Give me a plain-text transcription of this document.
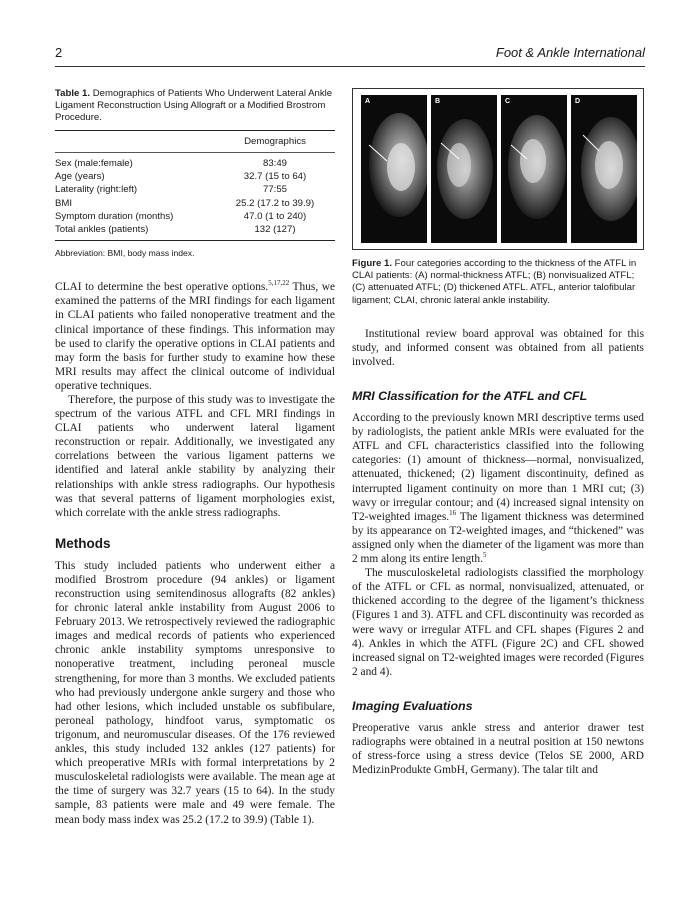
2	Foot & Ankle International

Table 1. Demographics of Patients Who Underwent Lateral Ankle Ligament Reconstruction Using Allograft or a Modified Brostrom Procedure.

Demographics
Sex (male:female)	83:49
Age (years)	32.7 (15 to 64)
Laterality (right:left)	77:55
BMI	25.2 (17.2 to 39.9)
Symptom duration (months)	47.0 (1 to 240)
Total ankles (patients)	132 (127)
Abbreviation: BMI, body mass index.

CLAI to determine the best operative options.$^{5,17,22}$ Thus, we examined the patterns of the MRI findings for each ligament in CLAI patients who failed nonoperative treatment and the clinical importance of these findings. This information may be used to clarify the operative options in CLAI patients and may form the basis for further study to examine how these MRI results may affect the clinical outcome of individual operative techniques.

Therefore, the purpose of this study was to investigate the spectrum of the various ATFL and CFL MRI findings in CLAI patients who underwent lateral ligament reconstruction or repair. Additionally, we investigated any correlations between the various ligament patterns we identified and lateral ankle stability by analyzing their relationships with ankle stress radiographs. Our hypothesis was that several patterns of ligament morphologies exist, which correlate with the ankle stress radiographs.

Methods

This study included patients who underwent either a modified Brostrom procedure (94 ankles) or ligament reconstruction using semitendinosus allografts (82 ankles) for chronic lateral ankle instability from August 2006 to February 2013. We retrospectively reviewed the radiographic images and medical records of patients who experienced chronic ankle instability symptoms unresponsive to nonoperative treatment, including peroneal muscle strengthening, for more than 3 months. We excluded patients who had previously undergone ankle surgery and those who had other lesions, which included unstable os subfibulare, peroneal pathology, hindfoot varus, symptomatic os trigonum, and neuromuscular diseases. Of the 176 reviewed ankles, this study included 132 ankles (127 patients) for which preoperative MRIs with formal interpretations by 2 musculoskeletal radiologists were available. The mean age at the time of surgery was 32.7 years (15 to 64). In the study sample, 83 patients were male and 49 were female. The mean body mass index was 25.2 (17.2 to 39.9) (Table 1).

A	B	C	D

Figure 1. Four categories according to the thickness of the ATFL in CLAI patients: (A) normal-thickness ATFL; (B) nonvisualized ATFL; (C) attenuated ATFL; (D) thickened ATFL. ATFL, anterior talofibular ligament; CLAI, chronic lateral ankle instability.

Institutional review board approval was obtained for this study, and informed consent was obtained from all patients involved.

MRI Classification for the ATFL and CFL

According to the previously known MRI descriptive terms used by radiologists, the patient ankle MRIs were evaluated for the ATFL and CFL characteristics classified into the following categories: (1) amount of thickness—normal, nonvisualized, attenuated, thickened; (2) ligament discontinuity, defined as interrupted ligament continuity on more than 1 MRI cut; (3) wavy or irregular contour; and (4) increased signal intensity on T2-weighted images.$^{16}$ The ligament thickness was determined by its appearance on T2-weighted images, and “thickened” was assigned only when the diameter of the ligament was more than 2 mm along its entire length.$^5$

The musculoskeletal radiologists classified the morphology of the ATFL or CFL as normal, nonvisualized, attenuated, or thickened according to the degree of the ligament’s thickness (Figures 1 and 3). ATFL and CFL discontinuity was recorded as were wavy or irregular ATFL and CFL shapes (Figures 2 and 4). Ankles in which the ATFL (Figure 2C) and CFL showed increased signal on T2-weighted images were recorded (Figures 2 and 4).

Imaging Evaluations

Preoperative varus ankle stress and anterior drawer test radiographs were obtained in a neutral position at 150 newtons of stress-force using a stress device (Telos SE 2000, ARD MedizinProdukte GmbH, Germany). The talar tilt and
